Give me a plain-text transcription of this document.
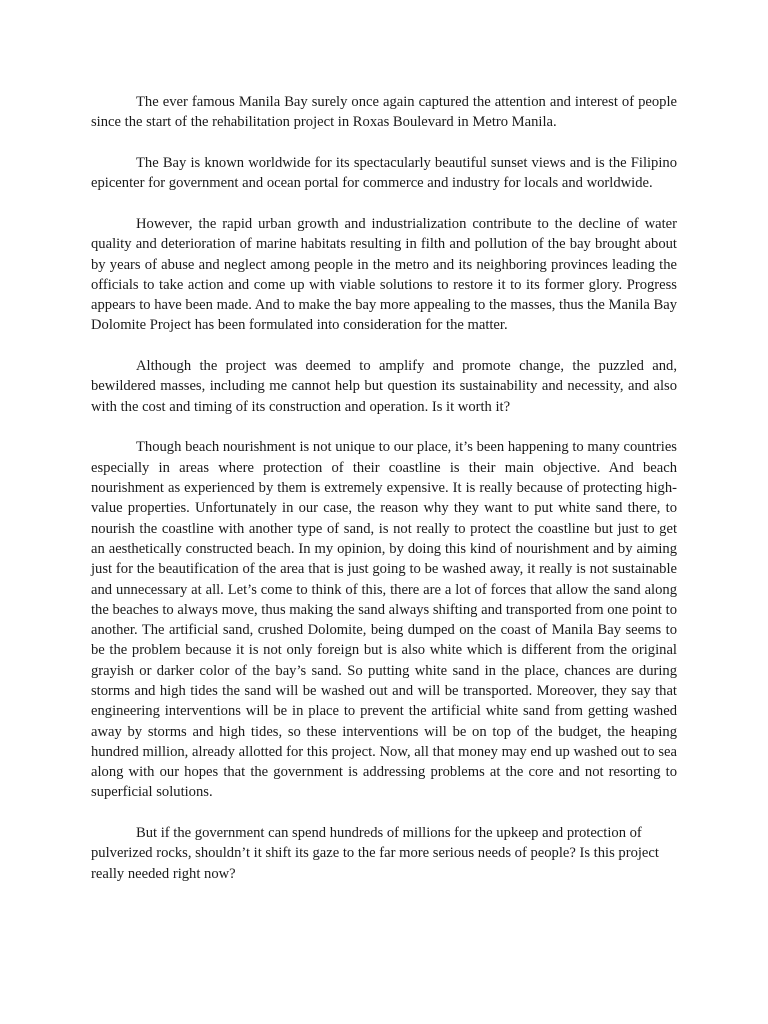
The ever famous Manila Bay surely once again captured the attention and interest of people since the start of the rehabilitation project in Roxas Boulevard in Metro Manila.

The Bay is known worldwide for its spectacularly beautiful sunset views and is the Filipino epicenter for government and ocean portal for commerce and industry for locals and worldwide.

However, the rapid urban growth and industrialization contribute to the decline of water quality and deterioration of marine habitats resulting in filth and pollution of the bay brought about by years of abuse and neglect among people in the metro and its neighboring provinces leading the officials to take action and come up with viable solutions to restore it to its former glory. Progress appears to have been made. And to make the bay more appealing to the masses, thus the Manila Bay Dolomite Project has been formulated into consideration for the matter.

Although the project was deemed to amplify and promote change, the puzzled and, bewildered masses, including me cannot help but question its sustainability and necessity, and also with the cost and timing of its construction and operation. Is it worth it?

Though beach nourishment is not unique to our place, it’s been happening to many countries especially in areas where protection of their coastline is their main objective. And beach nourishment as experienced by them is extremely expensive. It is really because of protecting high-value properties. Unfortunately in our case, the reason why they want to put white sand there, to nourish the coastline with another type of sand, is not really to protect the coastline but just to get an aesthetically constructed beach. In my opinion, by doing this kind of nourishment and by aiming just for the beautification of the area that is just going to be washed away, it really is not sustainable and unnecessary at all. Let’s come to think of this, there are a lot of forces that allow the sand along the beaches to always move, thus making the sand always shifting and transported from one point to another. The artificial sand, crushed Dolomite, being dumped on the coast of Manila Bay seems to be the problem because it is not only foreign but is also white which is different from the original grayish or darker color of the bay’s sand. So putting white sand in the place, chances are during storms and high tides the sand will be washed out and will be transported. Moreover, they say that engineering interventions will be in place to prevent the artificial white sand from getting washed away by storms and high tides, so these interventions will be on top of the budget, the heaping hundred million, already allotted for this project. Now, all that money may end up washed out to sea along with our hopes that the government is addressing problems at the core and not resorting to superficial solutions.

But if the government can spend hundreds of millions for the upkeep and protection of pulverized rocks, shouldn’t it shift its gaze to the far more serious needs of people? Is this project really needed right now?
